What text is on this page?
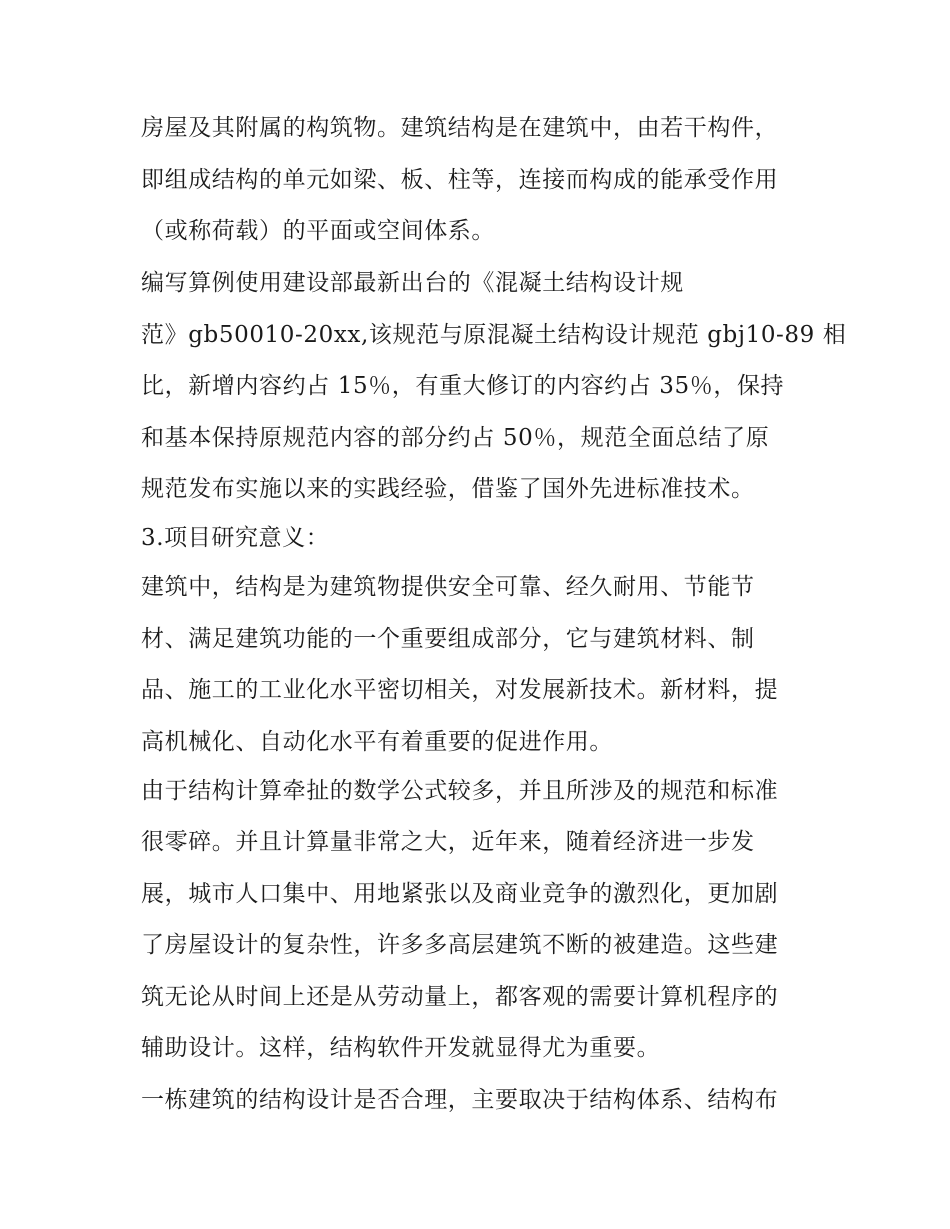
房屋及其附属的构筑物。建筑结构是在建筑中，由若干构件，
即组成结构的单元如梁、板、柱等，连接而构成的能承受作用
（或称荷载）的平面或空间体系。
编写算例使用建设部最新出台的《混凝土结构设计规
范》gb50010-20xx,该规范与原混凝土结构设计规范 gbj10-89 相
比，新增内容约占 15％，有重大修订的内容约占 35％，保持
和基本保持原规范内容的部分约占 50％，规范全面总结了原
规范发布实施以来的实践经验，借鉴了国外先进标准技术。
3.项目研究意义：
建筑中，结构是为建筑物提供安全可靠、经久耐用、节能节
材、满足建筑功能的一个重要组成部分，它与建筑材料、制
品、施工的工业化水平密切相关，对发展新技术。新材料，提
高机械化、自动化水平有着重要的促进作用。
由于结构计算牵扯的数学公式较多，并且所涉及的规范和标准
很零碎。并且计算量非常之大，近年来，随着经济进一步发
展，城市人口集中、用地紧张以及商业竞争的激烈化，更加剧
了房屋设计的复杂性，许多多高层建筑不断的被建造。这些建
筑无论从时间上还是从劳动量上，都客观的需要计算机程序的
辅助设计。这样，结构软件开发就显得尤为重要。
一栋建筑的结构设计是否合理，主要取决于结构体系、结构布
